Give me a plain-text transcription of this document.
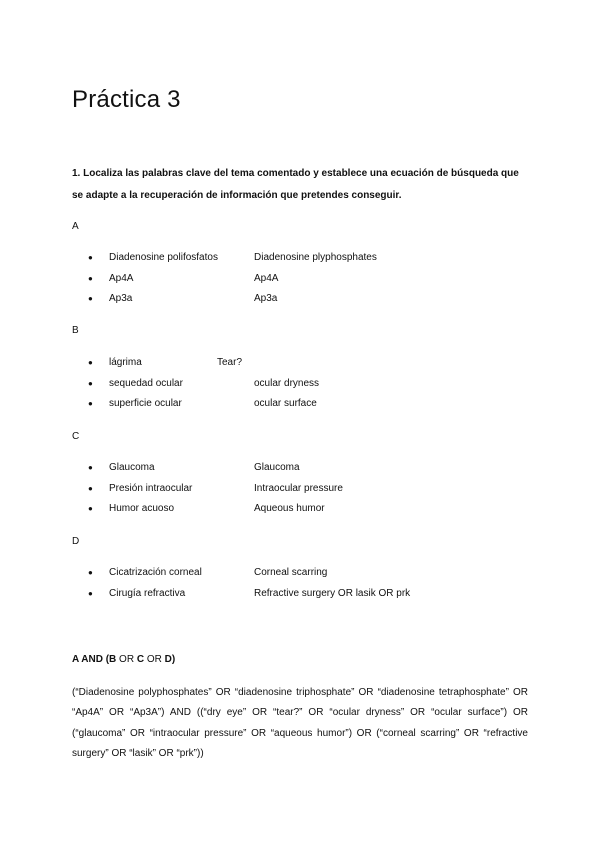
Práctica 3
1. Localiza las palabras clave del tema comentado y establece una ecuación de búsqueda que se adapte a la recuperación de información que pretendes conseguir.
A
● Diadenosine polifosfatos	Diadenosine plyphosphates
● Ap4A	Ap4A
● Ap3a	Ap3a
B
● lágrima	Tear?
● sequedad ocular	ocular dryness
● superficie ocular	ocular surface
C
● Glaucoma	Glaucoma
● Presión intraocular	Intraocular pressure
● Humor acuoso	Aqueous humor
D
● Cicatrización corneal	Corneal scarring
● Cirugía refractiva	Refractive surgery OR lasik OR prk
A AND (B OR C OR D)
(“Diadenosine polyphosphates” OR “diadenosine triphosphate” OR “diadenosine tetraphosphate” OR “Ap4A” OR “Ap3A”) AND ((“dry eye” OR “tear?” OR “ocular dryness” OR “ocular surface”) OR (“glaucoma” OR “intraocular pressure” OR “aqueous humor”) OR (“corneal scarring” OR “refractive surgery” OR “lasik” OR “prk”))
